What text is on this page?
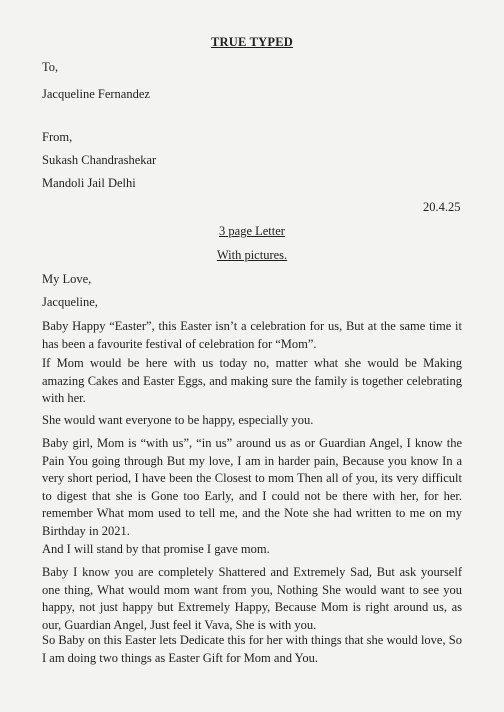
TRUE TYPED
To,
Jacqueline Fernandez
From,
Sukash Chandrashekar
Mandoli Jail Delhi
20.4.25
3 page Letter
With pictures.
My Love,
Jacqueline,
Baby Happy “Easter”, this Easter isn’t a celebration for us, But at the same time it has been a favourite festival of celebration for “Mom”.
If Mom would be here with us today no, matter what she would be Making amazing Cakes and Easter Eggs, and making sure the family is together celebrating with her.
She would want everyone to be happy, especially you.
Baby girl, Mom is “with us”, “in us” around us as or Guardian Angel, I know the Pain You going through But my love, I am in harder pain, Because you know In a very short period, I have been the Closest to mom Then all of you, its very difficult to digest that she is Gone too Early, and I could not be there with her, for her. remember What mom used to tell me, and the Note she had written to me on my Birthday in 2021.
And I will stand by that promise I gave mom.
Baby I know you are completely Shattered and Extremely Sad, But ask yourself one thing, What would mom want from you, Nothing She would want to see you happy, not just happy but Extremely Happy, Because Mom is right around us, as our, Guardian Angel, Just feel it Vava, She is with you.
So Baby on this Easter lets Dedicate this for her with things that she would love, So I am doing two things as Easter Gift for Mom and You.
